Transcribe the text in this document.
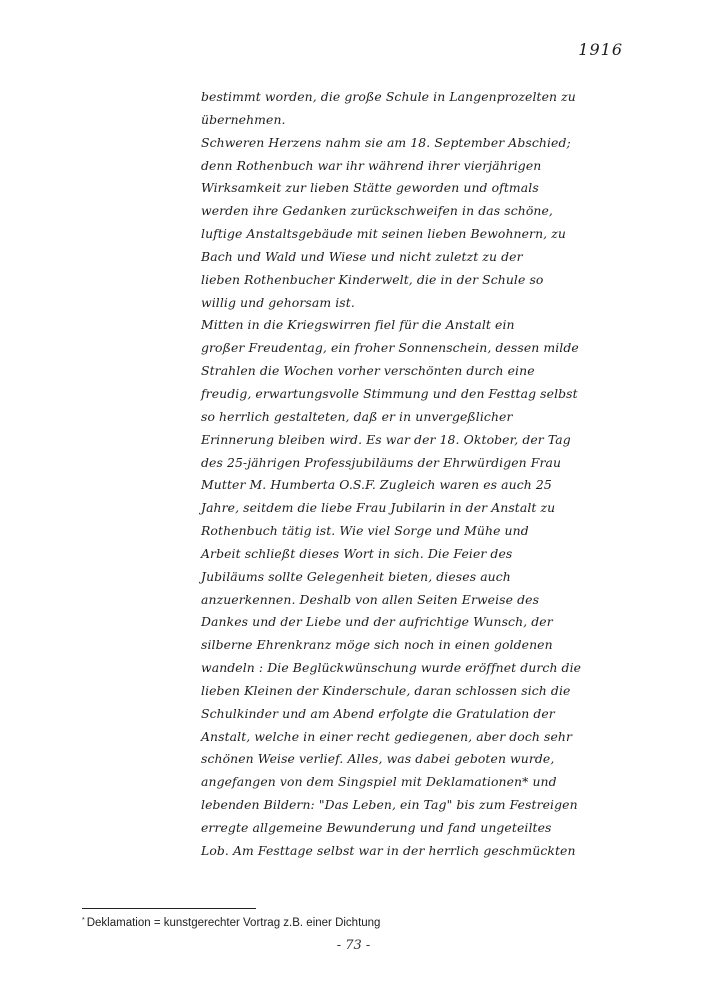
1916
bestimmt worden, die große Schule in Langenprozelten zu
übernehmen.
Schweren Herzens nahm sie am 18. September Abschied;
denn Rothenbuch war ihr während ihrer vierjährigen
Wirksamkeit zur lieben Stätte geworden und oftmals
werden ihre Gedanken zurückschweifen in das schöne,
luftige Anstaltsgebäude mit seinen lieben Bewohnern, zu
Bach und Wald und Wiese und nicht zuletzt zu der
lieben Rothenbucher Kinderwelt, die in der Schule so
willig und gehorsam ist.
Mitten in die Kriegswirren fiel für die Anstalt ein
großer Freudentag, ein froher Sonnenschein, dessen milde
Strahlen die Wochen vorher verschönten durch eine
freudig, erwartungsvolle Stimmung und den Festtag selbst
so herrlich gestalteten, daß er in unvergeßlicher
Erinnerung bleiben wird. Es war der 18. Oktober, der Tag
des 25-jährigen Professjubiläums der Ehrwürdigen Frau
Mutter M. Humberta O.S.F. Zugleich waren es auch 25
Jahre, seitdem die liebe Frau Jubilarin in der Anstalt zu
Rothenbuch tätig ist. Wie viel Sorge und Mühe und
Arbeit schließt dieses Wort in sich. Die Feier des
Jubiläums sollte Gelegenheit bieten, dieses auch
anzuerkennen. Deshalb von allen Seiten Erweise des
Dankes und der Liebe und der aufrichtige Wunsch, der
silberne Ehrenkranz möge sich noch in einen goldenen
wandeln : Die Beglückwünschung wurde eröffnet durch die
lieben Kleinen der Kinderschule, daran schlossen sich die
Schulkinder und am Abend erfolgte die Gratulation der
Anstalt, welche in einer recht gediegenen, aber doch sehr
schönen Weise verlief. Alles, was dabei geboten wurde,
angefangen von dem Singspiel mit Deklamationen* und
lebenden Bildern: "Das Leben, ein Tag" bis zum Festreigen
erregte allgemeine Bewunderung und fand ungeteiltes
Lob. Am Festtage selbst war in der herrlich geschmückten
* Deklamation = kunstgerechter Vortrag z.B. einer Dichtung
- 73 -
